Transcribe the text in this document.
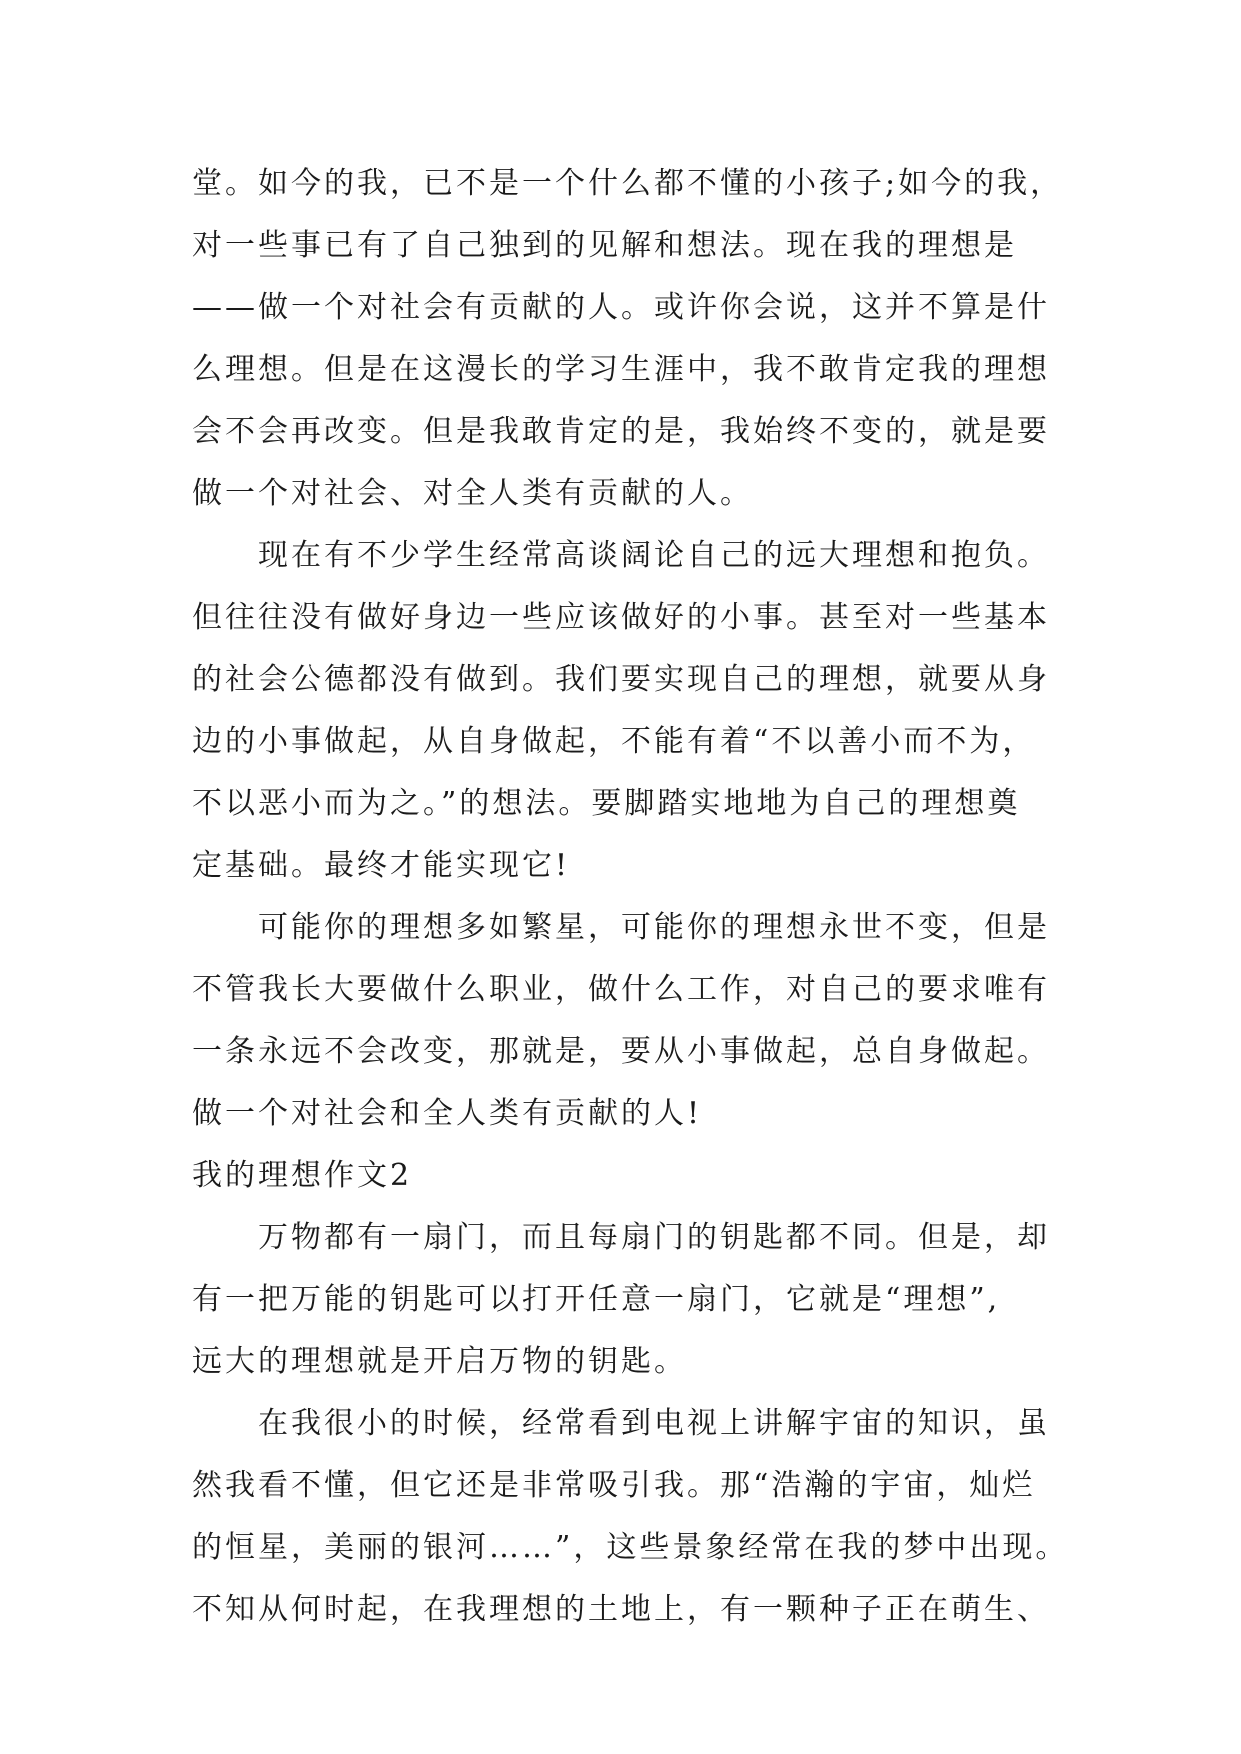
堂。如今的我，已不是一个什么都不懂的小孩子;如今的我，
对一些事已有了自己独到的见解和想法。现在我的理想是
——做一个对社会有贡献的人。或许你会说，这并不算是什
么理想。但是在这漫长的学习生涯中，我不敢肯定我的理想
会不会再改变。但是我敢肯定的是，我始终不变的，就是要
做一个对社会、对全人类有贡献的人。
现在有不少学生经常高谈阔论自己的远大理想和抱负。
但往往没有做好身边一些应该做好的小事。甚至对一些基本
的社会公德都没有做到。我们要实现自己的理想，就要从身
边的小事做起，从自身做起，不能有着“不以善小而不为，
不以恶小而为之。”的想法。要脚踏实地地为自己的理想奠
定基础。最终才能实现它!
可能你的理想多如繁星，可能你的理想永世不变，但是
不管我长大要做什么职业，做什么工作，对自己的要求唯有
一条永远不会改变，那就是，要从小事做起，总自身做起。
做一个对社会和全人类有贡献的人!
我的理想作文2
万物都有一扇门，而且每扇门的钥匙都不同。但是，却
有一把万能的钥匙可以打开任意一扇门，它就是“理想”,
远大的理想就是开启万物的钥匙。
在我很小的时候，经常看到电视上讲解宇宙的知识，虽
然我看不懂，但它还是非常吸引我。那“浩瀚的宇宙，灿烂
的恒星，美丽的银河……”，这些景象经常在我的梦中出现。
不知从何时起，在我理想的土地上，有一颗种子正在萌生、
